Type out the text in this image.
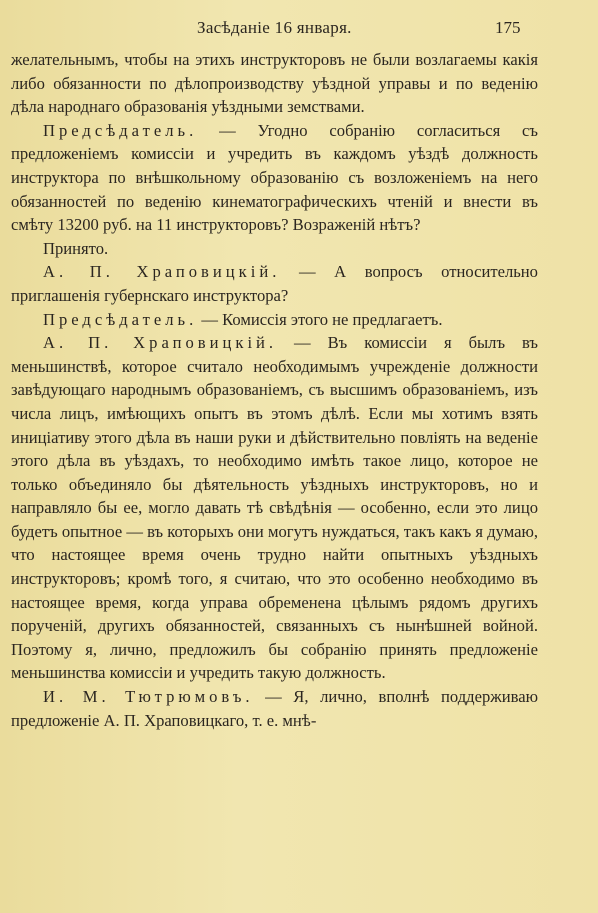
Засѣданіе 16 января.	175

желательнымъ, чтобы на этихъ инструкторовъ не были возлагаемы какія либо обязанности по дѣлопроизводству уѣздной управы и по веденію дѣла народнаго образованія уѣздными земствами.

Предсѣдатель. — Угодно собранію согласиться съ предложеніемъ комиссіи и учредить въ каждомъ уѣздѣ должность инструктора по внѣшкольному образованію съ возложеніемъ на него обязанностей по веденію кинематографическихъ чтеній и внести въ смѣту 13200 руб. на 11 инструкторовъ? Возраженій нѣтъ?

Принято.

А. П. Храповицкій. — А вопросъ относительно приглашенія губернскаго инструктора?

Предсѣдатель. — Комиссія этого не предлагаетъ.

А. П. Храповицкій. — Въ комиссіи я былъ въ меньшинствѣ, которое считало необходимымъ учрежденіе должности завѣдующаго народнымъ образованіемъ, съ высшимъ образованіемъ, изъ числа лицъ, имѣющихъ опытъ въ этомъ дѣлѣ. Если мы хотимъ взять иниціативу этого дѣла въ наши руки и дѣйствительно повліять на веденіе этого дѣла въ уѣздахъ, то необходимо имѣть такое лицо, которое не только объединяло бы дѣятельность уѣздныхъ инструкторовъ, но и направляло бы ее, могло давать тѣ свѣдѣнія — особенно, если это лицо будетъ опытное — въ которыхъ они могутъ нуждаться, такъ какъ я думаю, что настоящее время очень трудно найти опытныхъ уѣздныхъ инструкторовъ; кромѣ того, я считаю, что это особенно необходимо въ настоящее время, когда управа обременена цѣлымъ рядомъ другихъ порученій, другихъ обязанностей, связанныхъ съ нынѣшней войной. Поэтому я, лично, предложилъ бы собранію принять предложеніе меньшинства комиссіи и учредить такую должность.

И. М. Тютрюмовъ. — Я, лично, вполнѣ поддерживаю предложеніе А. П. Храповицкаго, т. е. мнѣ-
